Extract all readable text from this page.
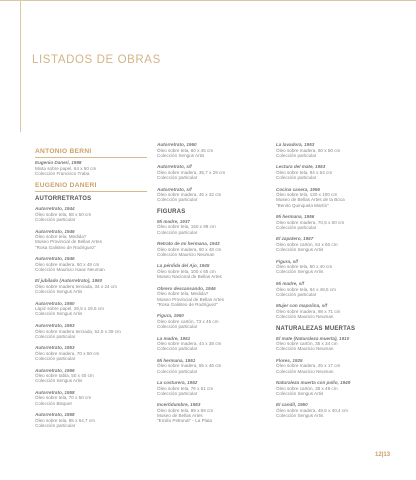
LISTADOS DE OBRAS
ANTONIO BERNI
Eugenio Daneri, 1998
Mixta sobre papel, 64 x 50 cm
Colección Francisco Traba
EUGENIO DANERI
AUTORRETRATOS
Autorretrato, 1944
Óleo sobre tela, 58 x 50 cm
Colección particular
Autorretrato, 1946
Óleo sobre tela, Medida?
Museo Provincial de Bellas Artes
"Rosa Galisteo de Rodríguez"
Autorretrato, 1946
Óleo sobre madera, 50 x 48 cm
Colección Mauricio Isaac Neuman
El jubilado (Autorretrato), 1950
Óleo sobre madera terciada, 34 x 24 cm
Colección Sengus Artis
Autorretrato, 1950
Lápiz sobre papel, 26,5 x 19,5 cm
Colección Sengus Artis
Autorretrato, 1953
Óleo sobre madera terciada, 52,5 x 39 cm
Colección particular
Autorretrato, 1953
Óleo sobre madera, 70 x 50 cm
Colección particular
Autorretrato, 1956
Óleo sobre tabla, 50 x 40 cm
Colección Sengus Artis
Autorretrato, 1958
Óleo sobre tela, 70 x 50 cm
Colección Bisquer
Autorretrato, 1958
Óleo sobre tela, 85 x 64,7 cm
Colección particular
Autorretrato, 1960
Óleo sobre tela, 60 x 45 cm
Colección Sengus Artis
Autorretrato, s/f
Óleo sobre madera, 35,7 x 29 cm
Colección particular
Autorretrato, s/f
Óleo sobre madera, 45 x 32 cm
Colección particular
FIGURAS
Mi madre, 1937
Óleo sobre tela, 150 x 99 cm
Colección particular
Retrato de mi hermana, 1943
Óleo sobre madera, 60 x 48 cm
Colección Mauricio Neuman
La pérdida del Ajo, 1945
Óleo sobre tela, 100 x 65 cm
Museo Nacional de Bellas Artes
Obrero descansando, 1946
Óleo sobre tela, Medida?
Museo Provincial de Bellas Artes
"Rosa Galisteo de Rodríguez"
Figura, 1950
Óleo sobre cartón, 73 x 45 cm
Colección particular
La madre, 1951
Óleo sobre madera, 44 x 38 cm
Colección particular
Mi hermana, 1951
Óleo sobre madera, 55 x 46 cm
Colección particular
La costurera, 1952
Óleo sobre tela, 76 x 51 cm
Colección particular
Incertidumbre, 1953
Óleo sobre tela, 89 x 69 cm
Museo de Bellas Artes
"Emilio Pettoruti" - La Plata
La lavadora, 1953
Óleo sobre madera, 60 x 50 cm
Colección particular
Lectura del mate, 1953
Óleo sobre tela, 84 x 64 cm
Colección particular
Cocina casera, 1956
Óleo sobre tela, 130 x 100 cm
Museo de Bellas Artes de la Boca
"Benito Quinquela Martín"
Mi hermana, 1956
Óleo sobre madera, 70,5 x 60 cm
Colección particular
El zapatero, 1957
Óleo sobre cartón, 64 x 60 cm
Colección Sengus Artis
Figura, s/f
Óleo sobre tela, 50 x 40 cm
Colección Sengus Artis
Mi madre, s/f
Óleo sobre tela, 64 x 48,5 cm
Colección particular
Mujer con mapolina, s/f
Óleo sobre madera, 98 x 71 cm
Colección Mauricio Neuman
NATURALEZAS MUERTAS
El mate (Naturaleza muerta), 1910
Óleo sobre cartón, 35 x 34 cm
Colección Mauricio Neuman
Flores, 1925
Óleo sobre madera, 25 x 17 cm
Colección Mauricio Neuman
Naturaleza muerta con pollo, 1949
Óleo sobre cartón, 38 x 48 cm
Colección Sengus Artis
El candil, 1950
Óleo sobre madera, 49,5 x 40,4 cm
Colección Sengus Artis
12|13
